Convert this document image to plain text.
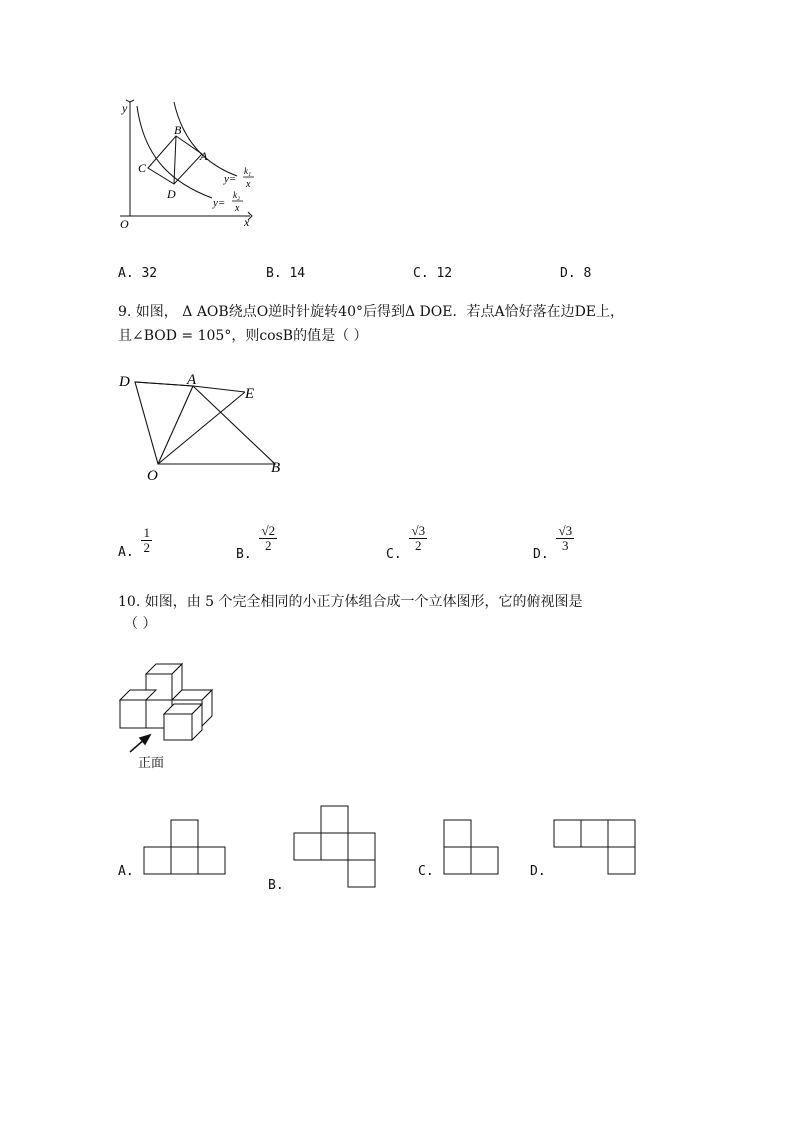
y
x
O
B
A
C
D
y=
k₁
x
y=
k₂
x
A. 32	B. 14	C. 12	D. 8
9. 如图， Δ AOB绕点O逆时针旋转40°后得到Δ DOE．若点A恰好落在边DE上，
且∠BOD = 105°，则cosB的值是（ ）
D	A
E
O	B
A. $\frac{1}{2}$	B.
$\frac{√2}{2}$
C.
$\frac{√3}{2}$
D.
$\frac{√3}{3}$
10. 如图，由 5 个完全相同的小正方体组合成一个立体图形，它的俯视图是
（ ）
正面
A.
B.
C.	D.
